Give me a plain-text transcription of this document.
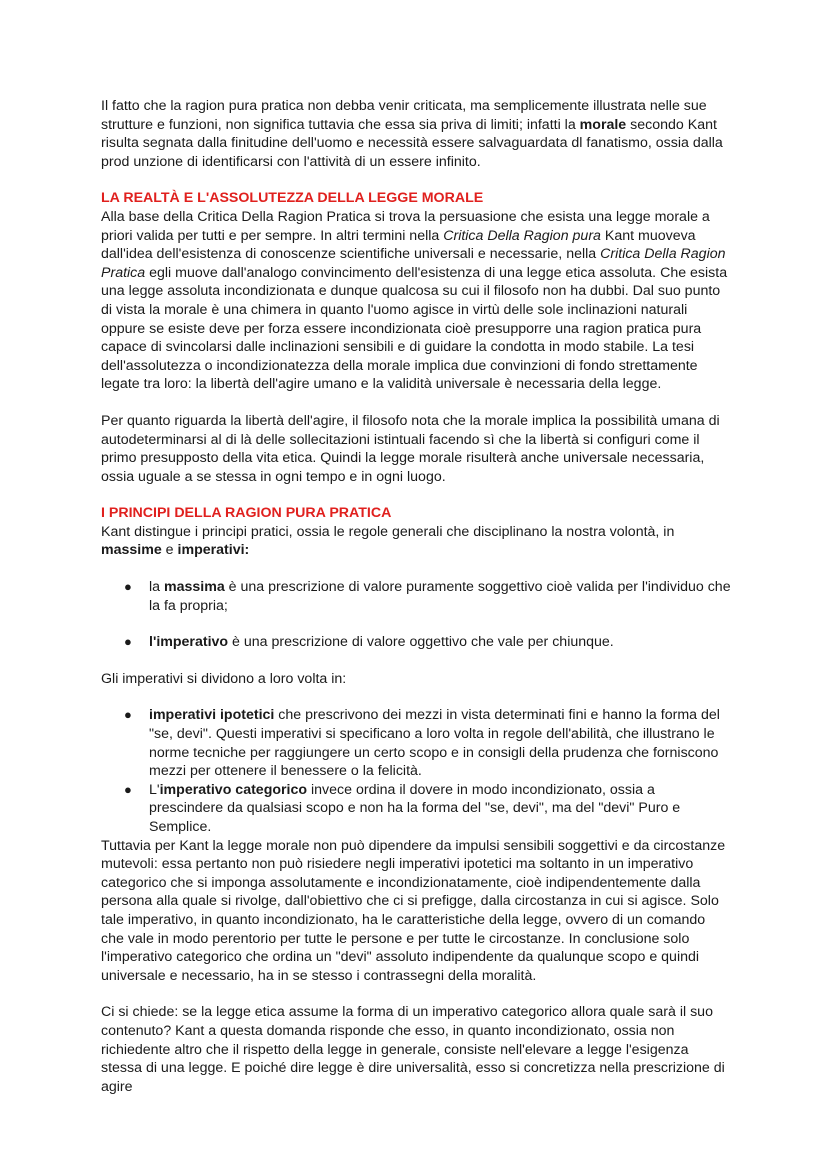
Il fatto che la ragion pura pratica non debba venir criticata, ma semplicemente illustrata nelle sue strutture e funzioni, non significa tuttavia che essa sia priva di limiti; infatti la morale secondo Kant risulta segnata dalla finitudine dell'uomo e necessità essere salvaguardata dl fanatismo, ossia dalla prod unzione di identificarsi con l'attività di un essere infinito.

LA REALTÀ E L'ASSOLUTEZZA DELLA LEGGE MORALE

Alla base della Critica Della Ragion Pratica si trova la persuasione che esista una legge morale a priori valida per tutti e per sempre. In altri termini nella Critica Della Ragion pura Kant muoveva dall'idea dell'esistenza di conoscenze scientifiche universali e necessarie, nella Critica Della Ragion Pratica egli muove dall'analogo convincimento dell'esistenza di una legge etica assoluta. Che esista una legge assoluta incondizionata e dunque qualcosa su cui il filosofo non ha dubbi. Dal suo punto di vista la morale è una chimera in quanto l'uomo agisce in virtù delle sole inclinazioni naturali oppure se esiste deve per forza essere incondizionata cioè presupporre una ragion pratica pura capace di svincolarsi dalle inclinazioni sensibili e di guidare la condotta in modo stabile. La tesi dell'assolutezza o incondizionatezza della morale implica due convinzioni di fondo strettamente legate tra loro: la libertà dell'agire umano e la validità universale è necessaria della legge.

Per quanto riguarda la libertà dell'agire, il filosofo nota che la morale implica la possibilità umana di autodeterminarsi al di là delle sollecitazioni istintuali facendo sì che la libertà si configuri come il primo presupposto della vita etica. Quindi la legge morale risulterà anche universale necessaria, ossia uguale a se stessa in ogni tempo e in ogni luogo.

I PRINCIPI DELLA RAGION PURA PRATICA

Kant distingue i principi pratici, ossia le regole generali che disciplinano la nostra volontà, in massime e imperativi:

● la massima è una prescrizione di valore puramente soggettivo cioè valida per l'individuo che la fa propria;
● l'imperativo è una prescrizione di valore oggettivo che vale per chiunque.

Gli imperativi si dividono a loro volta in:

● imperativi ipotetici che prescrivono dei mezzi in vista determinati fini e hanno la forma del "se, devi". Questi imperativi si specificano a loro volta in regole dell'abilità, che illustrano le norme tecniche per raggiungere un certo scopo e in consigli della prudenza che forniscono mezzi per ottenere il benessere o la felicità.
● L'imperativo categorico invece ordina il dovere in modo incondizionato, ossia a prescindere da qualsiasi scopo e non ha la forma del "se, devi", ma del "devi" Puro e Semplice.

Tuttavia per Kant la legge morale non può dipendere da impulsi sensibili soggettivi e da circostanze mutevoli: essa pertanto non può risiedere negli imperativi ipotetici ma soltanto in un imperativo categorico che si imponga assolutamente e incondizionatamente, cioè indipendentemente dalla persona alla quale si rivolge, dall'obiettivo che ci si prefigge, dalla circostanza in cui si agisce. Solo tale imperativo, in quanto incondizionato, ha le caratteristiche della legge, ovvero di un comando che vale in modo perentorio per tutte le persone e per tutte le circostanze. In conclusione solo l'imperativo categorico che ordina un "devi" assoluto indipendente da qualunque scopo e quindi universale e necessario, ha in se stesso i contrassegni della moralità.

Ci si chiede: se la legge etica assume la forma di un imperativo categorico allora quale sarà il suo contenuto? Kant a questa domanda risponde che esso, in quanto incondizionato, ossia non richiedente altro che il rispetto della legge in generale, consiste nell'elevare a legge l'esigenza stessa di una legge. E poiché dire legge è dire universalità, esso si concretizza nella prescrizione di agire
